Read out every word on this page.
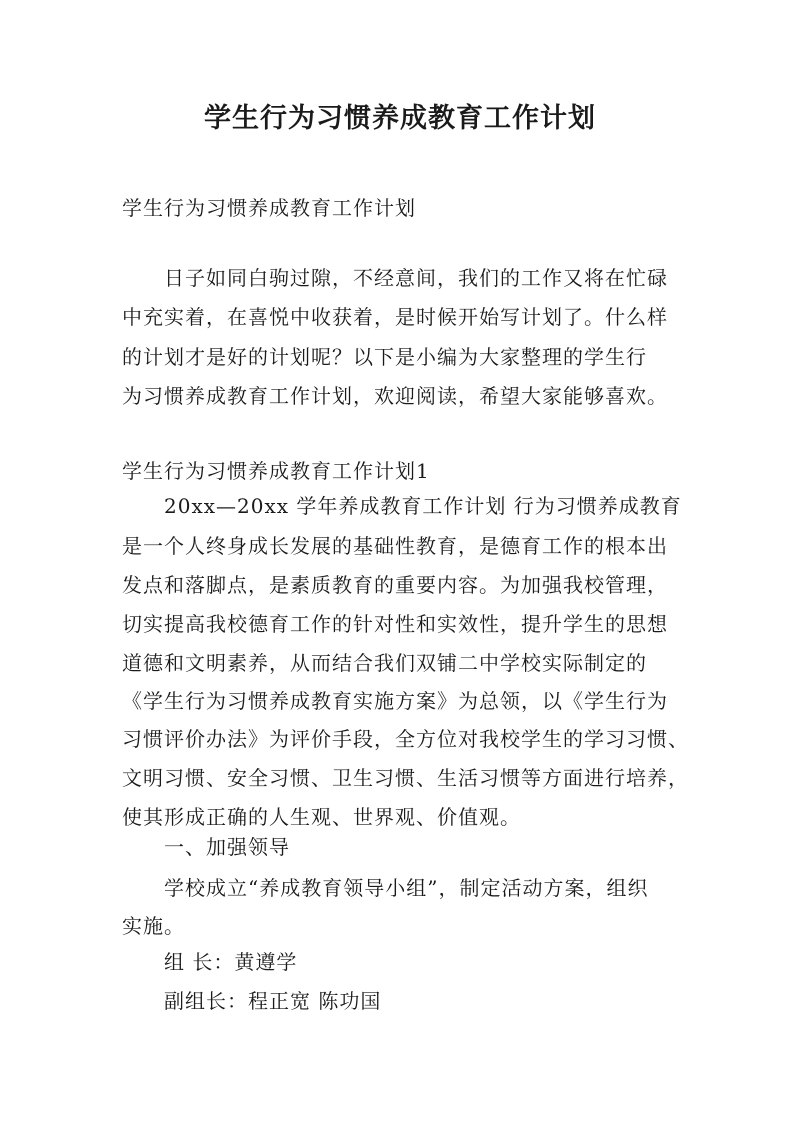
学生行为习惯养成教育工作计划
学生行为习惯养成教育工作计划
日子如同白驹过隙，不经意间，我们的工作又将在忙碌
中充实着，在喜悦中收获着，是时候开始写计划了。什么样
的计划才是好的计划呢？以下是小编为大家整理的学生行
为习惯养成教育工作计划，欢迎阅读，希望大家能够喜欢。
学生行为习惯养成教育工作计划1
20xx—20xx 学年养成教育工作计划 行为习惯养成教育
是一个人终身成长发展的基础性教育，是德育工作的根本出
发点和落脚点，是素质教育的重要内容。为加强我校管理，
切实提高我校德育工作的针对性和实效性，提升学生的思想
道德和文明素养，从而结合我们双铺二中学校实际制定的
《学生行为习惯养成教育实施方案》为总领，以《学生行为
习惯评价办法》为评价手段，全方位对我校学生的学习习惯、
文明习惯、安全习惯、卫生习惯、生活习惯等方面进行培养，
使其形成正确的人生观、世界观、价值观。
一、加强领导
学校成立“养成教育领导小组”，制定活动方案，组织
实施。
组 长：黄遵学
副组长：程正宽 陈功国
